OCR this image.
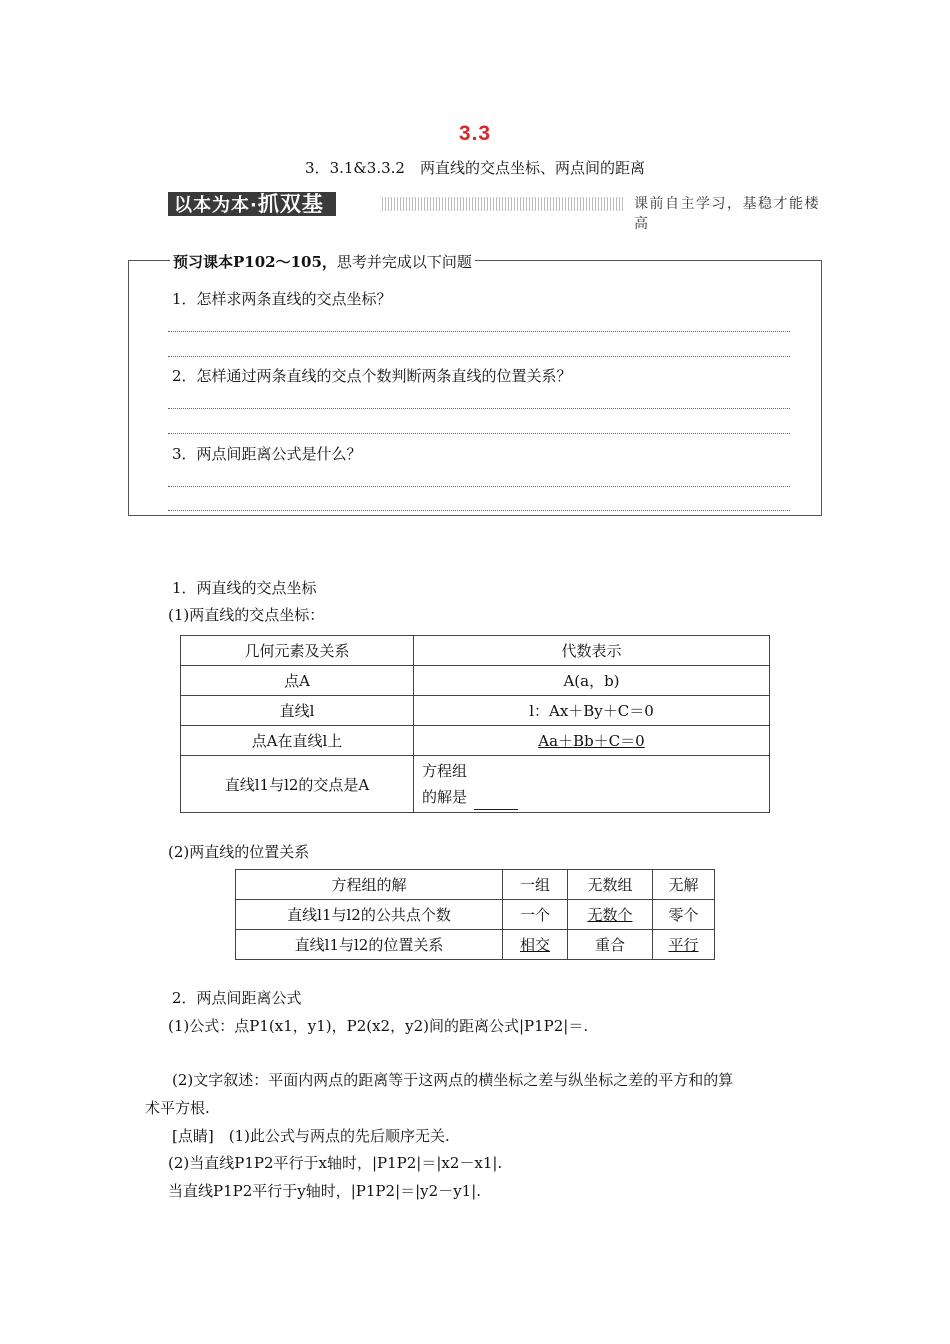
3.3
3．3.1&3.3.2　两直线的交点坐标、两点间的距离
以本为本·抓双基	课前自主学习，基稳才能楼高
预习课本P102～105，思考并完成以下问题
1．怎样求两条直线的交点坐标？
2．怎样通过两条直线的交点个数判断两条直线的位置关系？
3．两点间距离公式是什么？
1．两直线的交点坐标
(1)两直线的交点坐标：
几何元素及关系	代数表示
点A	A(a，b)
直线l	l：Ax＋By＋C＝0
点A在直线l上	Aa＋Bb＋C＝0
直线l1与l2的交点是A	方程组 的解是
(2)两直线的位置关系
方程组的解	一组	无数组	无解
直线l1与l2的公共点个数	一个	无数个	零个
直线l1与l2的位置关系	相交	重合	平行
2．两点间距离公式
(1)公式：点P1(x1，y1)，P2(x2，y2)间的距离公式|P1P2|＝.
(2)文字叙述：平面内两点的距离等于这两点的横坐标之差与纵坐标之差的平方和的算
术平方根.
[点睛]　(1)此公式与两点的先后顺序无关.
(2)当直线P1P2平行于x轴时，|P1P2|＝|x2－x1|.
当直线P1P2平行于y轴时，|P1P2|＝|y2－y1|.
